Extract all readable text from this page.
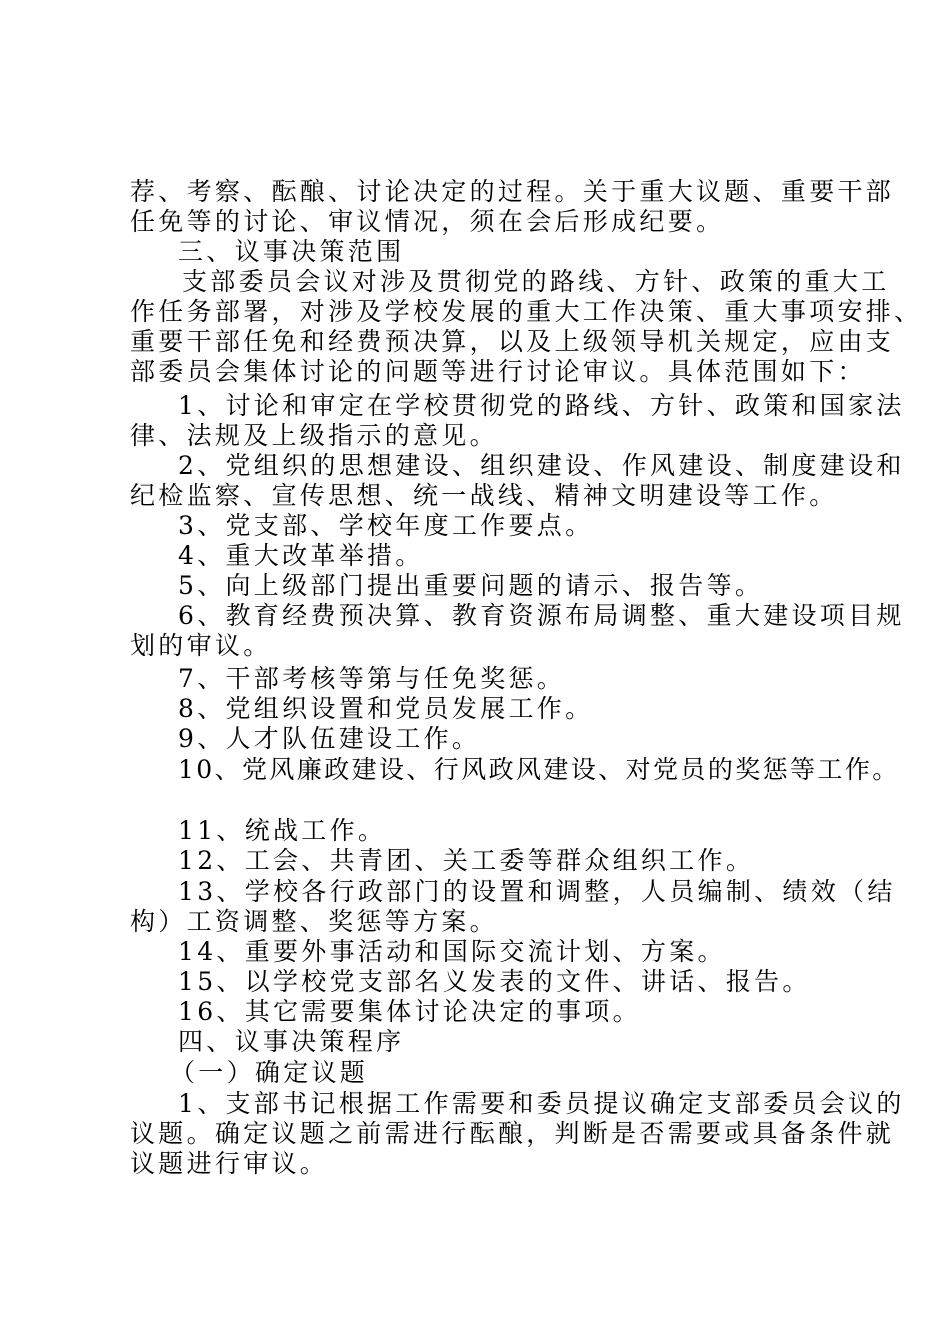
荐、考察、酝酿、讨论决定的过程。关于重大议题、重要干部
任免等的讨论、审议情况，须在会后形成纪要。
三、议事决策范围
支部委员会议对涉及贯彻党的路线、方针、政策的重大工
作任务部署，对涉及学校发展的重大工作决策、重大事项安排、
重要干部任免和经费预决算，以及上级领导机关规定，应由支
部委员会集体讨论的问题等进行讨论审议。具体范围如下：
1、讨论和审定在学校贯彻党的路线、方针、政策和国家法
律、法规及上级指示的意见。
2、党组织的思想建设、组织建设、作风建设、制度建设和
纪检监察、宣传思想、统一战线、精神文明建设等工作。
3、党支部、学校年度工作要点。
4、重大改革举措。
5、向上级部门提出重要问题的请示、报告等。
6、教育经费预决算、教育资源布局调整、重大建设项目规
划的审议。
7、干部考核等第与任免奖惩。
8、党组织设置和党员发展工作。
9、人才队伍建设工作。
10、党风廉政建设、行风政风建设、对党员的奖惩等工作。
11、统战工作。
12、工会、共青团、关工委等群众组织工作。
13、学校各行政部门的设置和调整，人员编制、绩效（结
构）工资调整、奖惩等方案。
14、重要外事活动和国际交流计划、方案。
15、以学校党支部名义发表的文件、讲话、报告。
16、其它需要集体讨论决定的事项。
四、议事决策程序
（一）确定议题
1、支部书记根据工作需要和委员提议确定支部委员会议的
议题。确定议题之前需进行酝酿，判断是否需要或具备条件就
议题进行审议。
